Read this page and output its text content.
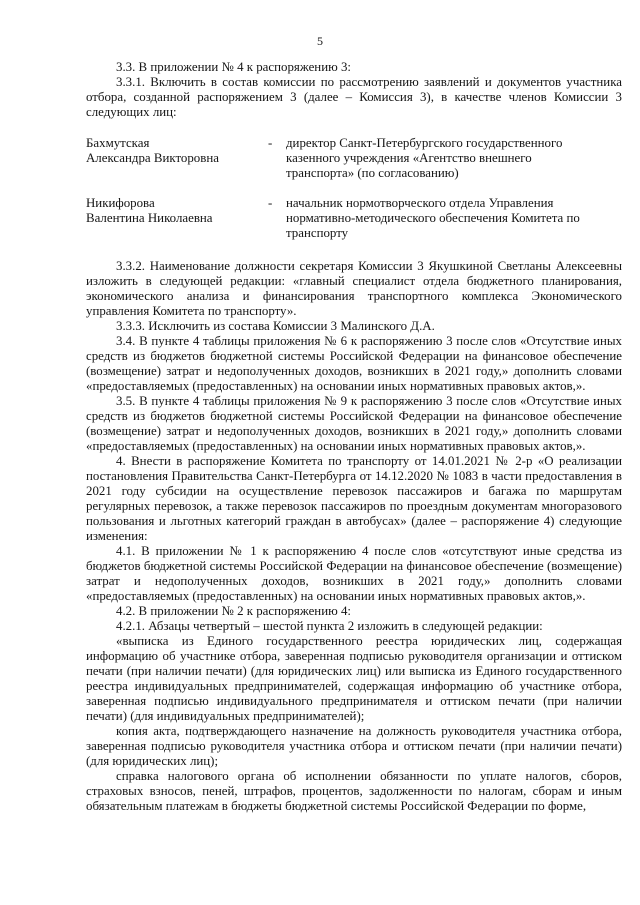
5

3.3. В приложении № 4 к распоряжению 3:

3.3.1. Включить в состав комиссии по рассмотрению заявлений и документов участника отбора, созданной распоряжением 3 (далее – Комиссия 3), в качестве членов Комиссии 3 следующих лиц:

Бахмутская
Александра Викторовна
-	директор Санкт-Петербургского государственного казенного учреждения «Агентство внешнего транспорта» (по согласованию)
Никифорова
Валентина Николаевна
-	начальник нормотворческого отдела Управления нормативно-методического обеспечения Комитета по транспорту

3.3.2. Наименование должности секретаря Комиссии 3 Якушкиной Светланы Алексеевны изложить в следующей редакции: «главный специалист отдела бюджетного планирования, экономического анализа и финансирования транспортного комплекса Экономического управления Комитета по транспорту».

3.3.3. Исключить из состава Комиссии 3 Малинского Д.А.

3.4. В пункте 4 таблицы приложения № 6 к распоряжению 3 после слов «Отсутствие иных средств из бюджетов бюджетной системы Российской Федерации на финансовое обеспечение (возмещение) затрат и недополученных доходов, возникших в 2021 году,» дополнить словами «предоставляемых (предоставленных) на основании иных нормативных правовых актов,».

3.5. В пункте 4 таблицы приложения № 9 к распоряжению 3 после слов «Отсутствие иных средств из бюджетов бюджетной системы Российской Федерации на финансовое обеспечение (возмещение) затрат и недополученных доходов, возникших в 2021 году,» дополнить словами «предоставляемых (предоставленных) на основании иных нормативных правовых актов,».

4. Внести в распоряжение Комитета по транспорту от 14.01.2021 № 2-р «О реализации постановления Правительства Санкт-Петербурга от 14.12.2020 № 1083 в части предоставления в 2021 году субсидии на осуществление перевозок пассажиров и багажа по маршрутам регулярных перевозок, а также перевозок пассажиров по проездным документам многоразового пользования и льготных категорий граждан в автобусах» (далее – распоряжение 4) следующие изменения:

4.1. В приложении № 1 к распоряжению 4 после слов «отсутствуют иные средства из бюджетов бюджетной системы Российской Федерации на финансовое обеспечение (возмещение) затрат и недополученных доходов, возникших в 2021 году,» дополнить словами «предоставляемых (предоставленных) на основании иных нормативных правовых актов,».

4.2. В приложении № 2 к распоряжению 4:

4.2.1. Абзацы четвертый – шестой пункта 2 изложить в следующей редакции:

«выписка из Единого государственного реестра юридических лиц, содержащая информацию об участнике отбора, заверенная подписью руководителя организации и оттиском печати (при наличии печати) (для юридических лиц) или выписка из Единого государственного реестра индивидуальных предпринимателей, содержащая информацию об участнике отбора, заверенная подписью индивидуального предпринимателя и оттиском печати (при наличии печати) (для индивидуальных предпринимателей);

копия акта, подтверждающего назначение на должность руководителя участника отбора, заверенная подписью руководителя участника отбора и оттиском печати (при наличии печати) (для юридических лиц);

справка налогового органа об исполнении обязанности по уплате налогов, сборов, страховых взносов, пеней, штрафов, процентов, задолженности по налогам, сборам и иным обязательным платежам в бюджеты бюджетной системы Российской Федерации по форме,
